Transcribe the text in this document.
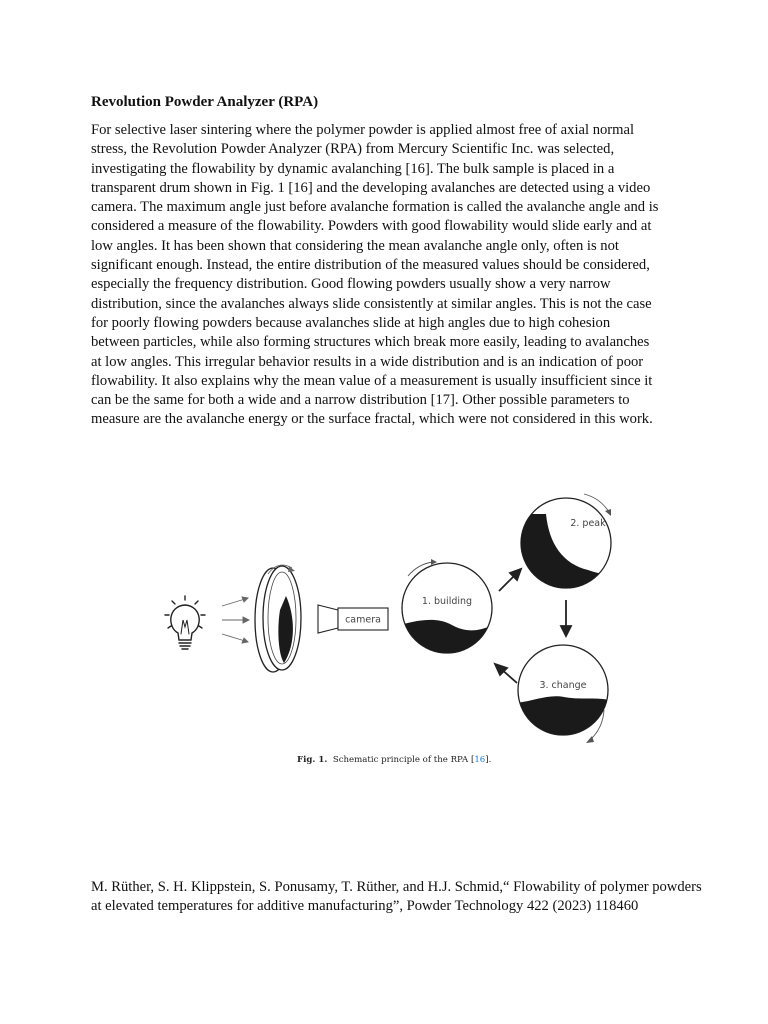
Revolution Powder Analyzer (RPA)
For selective laser sintering where the polymer powder is applied almost free of axial normal
stress, the Revolution Powder Analyzer (RPA) from Mercury Scientific Inc. was selected,
investigating the flowability by dynamic avalanching [16]. The bulk sample is placed in a
transparent drum shown in Fig. 1 [16] and the developing avalanches are detected using a video
camera. The maximum angle just before avalanche formation is called the avalanche angle and is
considered a measure of the flowability. Powders with good flowability would slide early and at
low angles. It has been shown that considering the mean avalanche angle only, often is not
significant enough. Instead, the entire distribution of the measured values should be considered,
especially the frequency distribution. Good flowing powders usually show a very narrow
distribution, since the avalanches always slide consistently at similar angles. This is not the case
for poorly flowing powders because avalanches slide at high angles due to high cohesion
between particles, while also forming structures which break more easily, leading to avalanches
at low angles. This irregular behavior results in a wide distribution and is an indication of poor
flowability. It also explains why the mean value of a measurement is usually insufficient since it
can be the same for both a wide and a narrow distribution [17]. Other possible parameters to
measure are the avalanche energy or the surface fractal, which were not considered in this work.
camera
1. building
2. peak
3. change

Fig. 1. Schematic principle of the RPA [16].

M. Rüther, S. H. Klippstein, S. Ponusamy, T. Rüther, and H.J. Schmid,“ Flowability of polymer powders
at elevated temperatures for additive manufacturing”, Powder Technology 422 (2023) 118460
